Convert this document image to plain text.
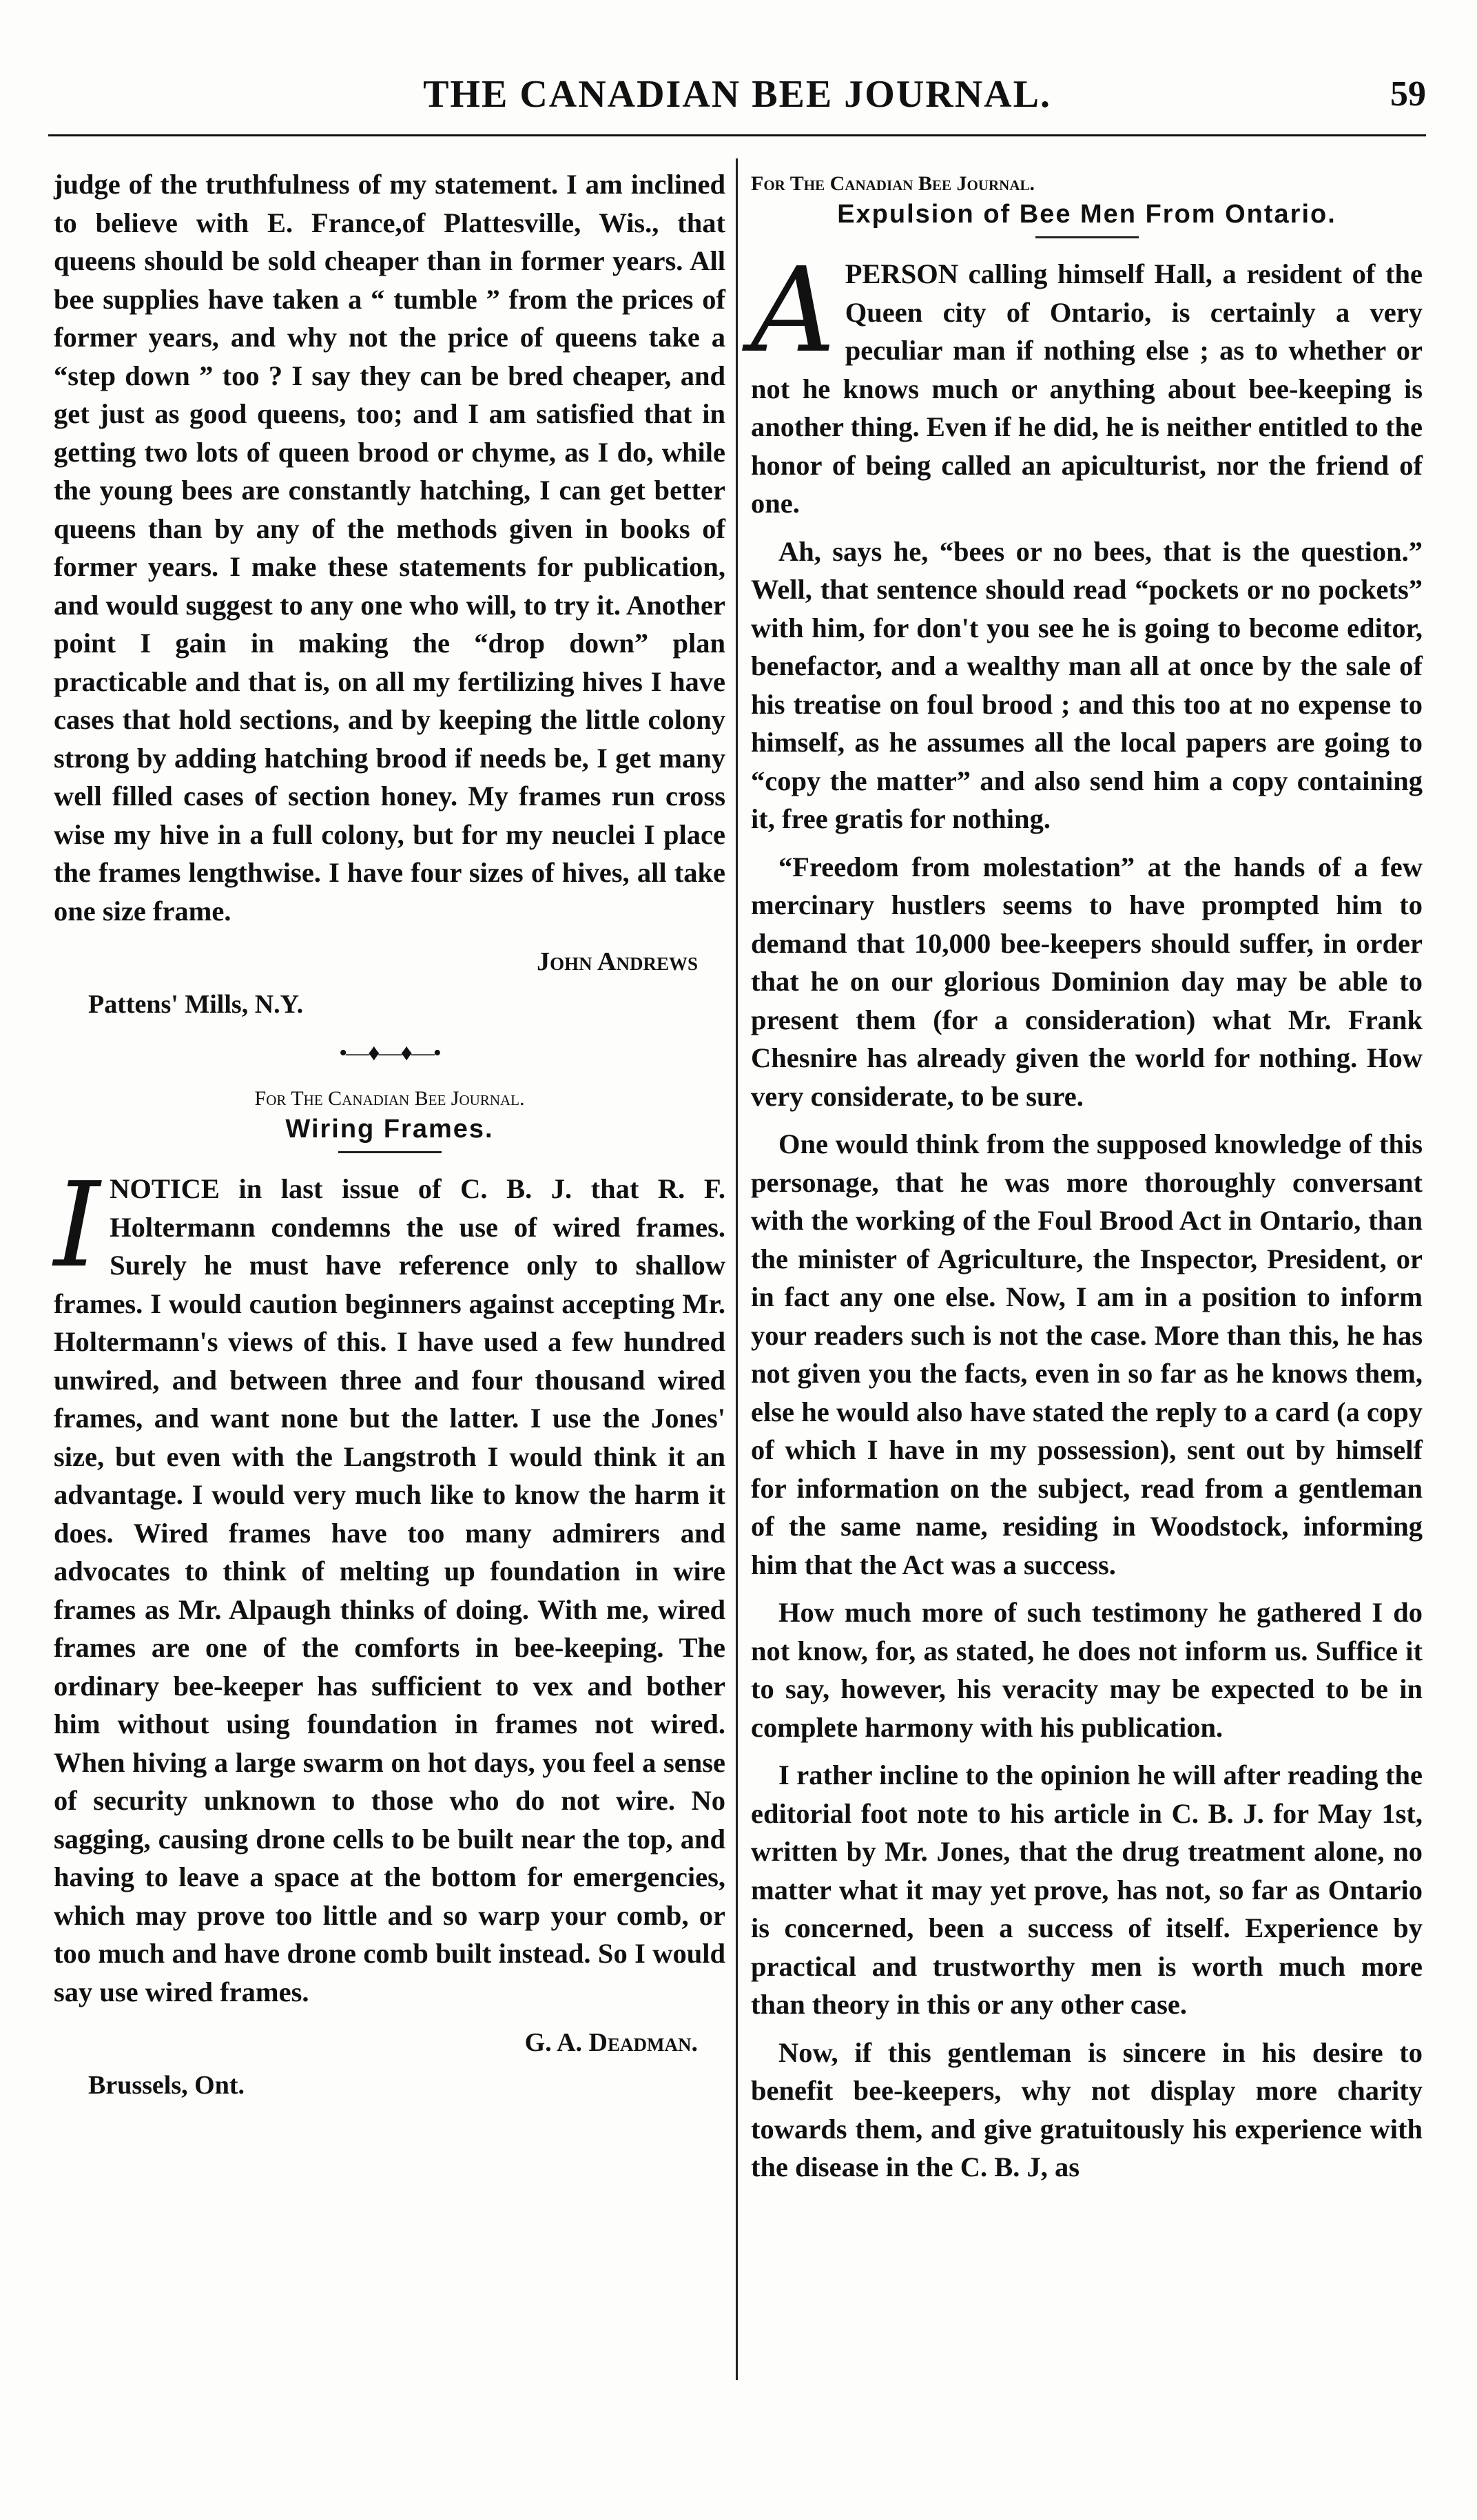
THE CANADIAN BEE JOURNAL.	59

judge of the truthfulness of my statement. I am inclined to believe with E. France,of Plattesville, Wis., that queens should be sold cheaper than in former years. All bee supplies have taken a “ tumble ” from the prices of former years, and why not the price of queens take a “step down ” too ? I say they can be bred cheaper, and get just as good queens, too; and I am satisfied that in getting two lots of queen brood or chyme, as I do, while the young bees are constantly hatching, I can get better queens than by any of the methods given in books of former years. I make these statements for publication, and would suggest to any one who will, to try it. Another point I gain in making the “drop down” plan practicable and that is, on all my fertilizing hives I have cases that hold sections, and by keeping the little colony strong by adding hatching brood if needs be, I get many well filled cases of section honey. My frames run cross wise my hive in a full colony, but for my neuclei I place the frames lengthwise. I have four sizes of hives, all take one size frame.

John Andrews
Pattens' Mills, N.Y.
•—♦—♦—•
For The Canadian Bee Journal.
Wiring Frames.

INOTICE in last issue of C. B. J. that R. F. Holtermann condemns the use of wired frames. Surely he must have reference only to shallow frames. I would caution beginners against accepting Mr. Holtermann's views of this. I have used a few hundred unwired, and between three and four thousand wired frames, and want none but the latter. I use the Jones' size, but even with the Langstroth I would think it an advantage. I would very much like to know the harm it does. Wired frames have too many admirers and advocates to think of melting up foundation in wire frames as Mr. Alpaugh thinks of doing. With me, wired frames are one of the comforts in bee-keeping. The ordinary bee-keeper has sufficient to vex and bother him without using foundation in frames not wired. When hiving a large swarm on hot days, you feel a sense of security unknown to those who do not wire. No sagging, causing drone cells to be built near the top, and having to leave a space at the bottom for emergencies, which may prove too little and so warp your comb, or too much and have drone comb built instead. So I would say use wired frames.

G. A. Deadman.
Brussels, Ont.
For The Canadian Bee Journal.
Expulsion of Bee Men From Ontario.

APERSON calling himself Hall, a resident of the Queen city of Ontario, is certainly a very peculiar man if nothing else ; as to whether or not he knows much or anything about bee-keeping is another thing. Even if he did, he is neither entitled to the honor of being called an apiculturist, nor the friend of one.

Ah, says he, “bees or no bees, that is the question.” Well, that sentence should read “pockets or no pockets” with him, for don't you see he is going to become editor, benefactor, and a wealthy man all at once by the sale of his treatise on foul brood ; and this too at no expense to himself, as he assumes all the local papers are going to “copy the matter” and also send him a copy containing it, free gratis for nothing.

“Freedom from molestation” at the hands of a few mercinary hustlers seems to have prompted him to demand that 10,000 bee-keepers should suffer, in order that he on our glorious Dominion day may be able to present them (for a consideration) what Mr. Frank Chesnire has already given the world for nothing. How very considerate, to be sure.

One would think from the supposed knowledge of this personage, that he was more thoroughly conversant with the working of the Foul Brood Act in Ontario, than the minister of Agriculture, the Inspector, President, or in fact any one else. Now, I am in a position to inform your readers such is not the case. More than this, he has not given you the facts, even in so far as he knows them, else he would also have stated the reply to a card (a copy of which I have in my possession), sent out by himself for information on the subject, read from a gentleman of the same name, residing in Woodstock, informing him that the Act was a success.

How much more of such testimony he gathered I do not know, for, as stated, he does not inform us. Suffice it to say, however, his veracity may be expected to be in complete harmony with his publication.

I rather incline to the opinion he will after reading the editorial foot note to his article in C. B. J. for May 1st, written by Mr. Jones, that the drug treatment alone, no matter what it may yet prove, has not, so far as Ontario is concerned, been a success of itself. Experience by practical and trustworthy men is worth much more than theory in this or any other case.

Now, if this gentleman is sincere in his desire to benefit bee-keepers, why not display more charity towards them, and give gratuitously his experience with the disease in the C. B. J, as
